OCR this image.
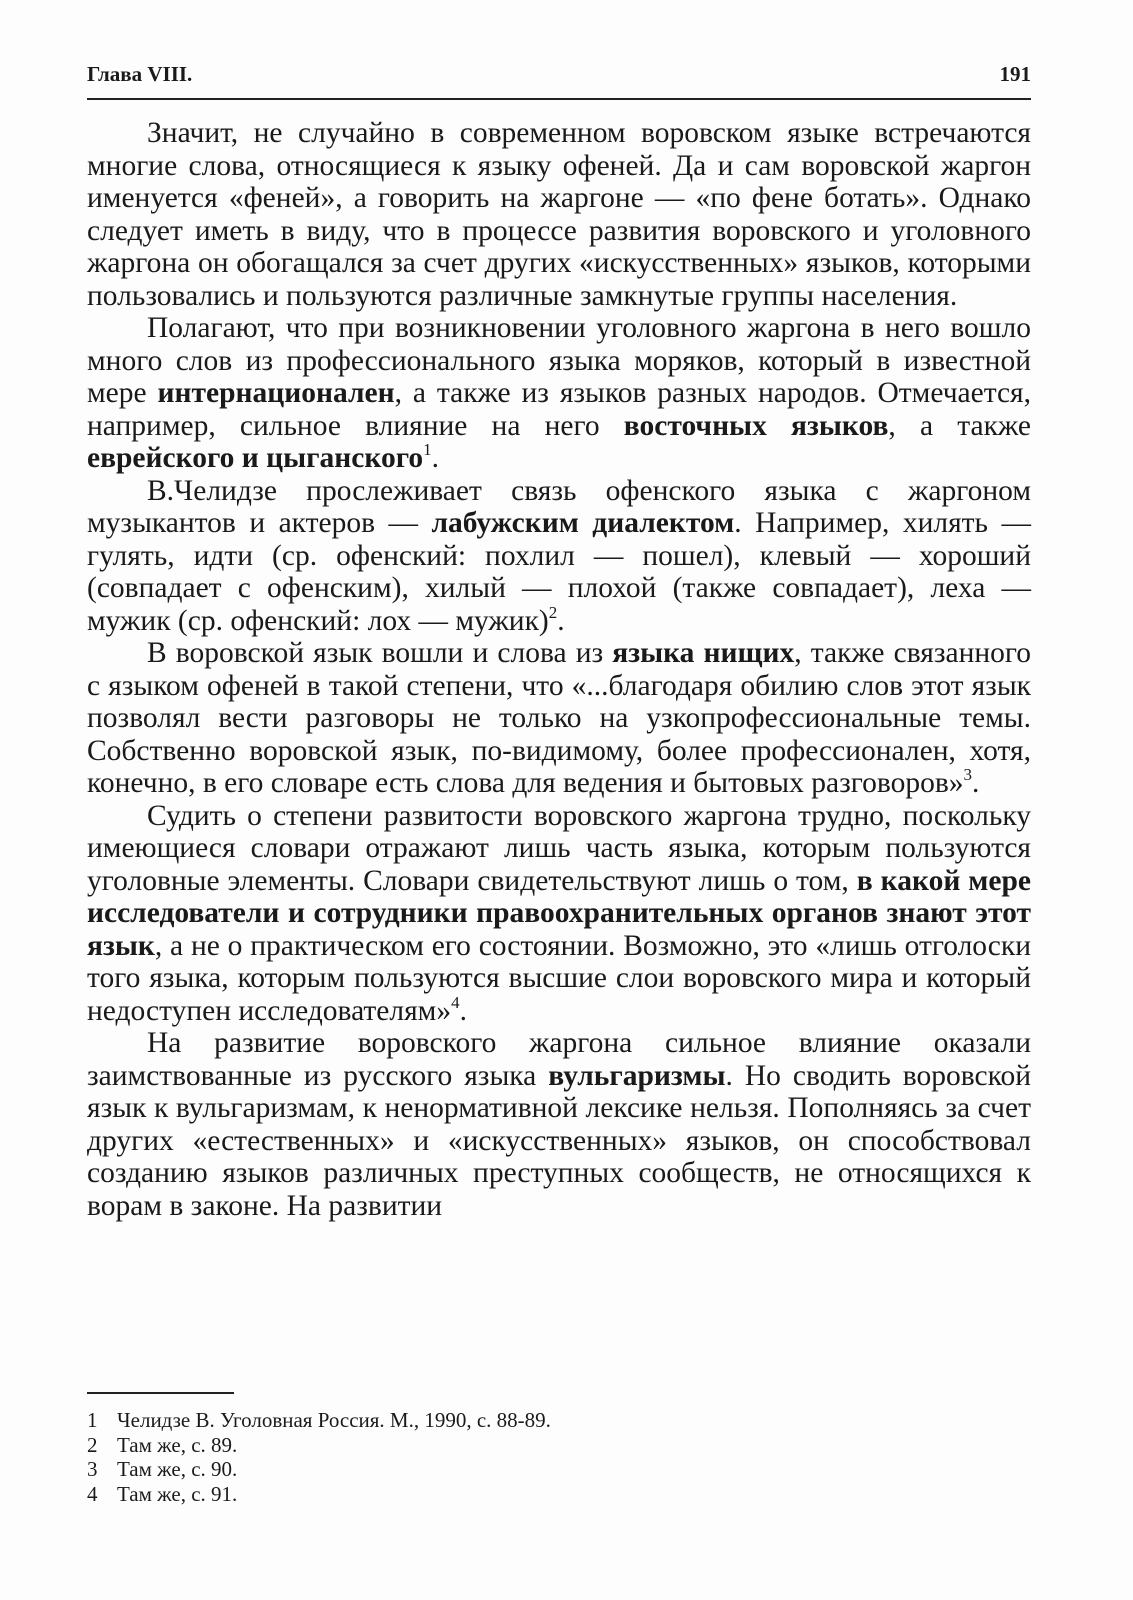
Глава VIII.	191

Значит, не случайно в современном воровском языке встречаются многие слова, относящиеся к языку офеней. Да и сам воровской жаргон именуется «феней», а говорить на жаргоне — «по фене ботать». Однако следует иметь в виду, что в процессе развития воровского и уголовного жаргона он обогащался за счет других «искусственных» языков, которыми пользовались и пользуются различные замкнутые группы населения.

Полагают, что при возникновении уголовного жаргона в него вошло много слов из профессионального языка моряков, который в известной мере интернационален, а также из языков разных народов. Отмечается, например, сильное влияние на него восточных языков, а также еврейского и цыганского$^1$.

В.Челидзе прослеживает связь офенского языка с жаргоном музыкантов и актеров — лабужским диалектом. Например, хилять — гулять, идти (ср. офенский: похлил — пошел), клевый — хороший (совпадает с офенским), хилый — плохой (также совпадает), леха — мужик (ср. офенский: лох — мужик)$^2$.

В воровской язык вошли и слова из языка нищих, также связанного с языком офеней в такой степени, что «...благодаря обилию слов этот язык позволял вести разговоры не только на узкопрофессиональные темы. Собственно воровской язык, по-видимому, более профессионален, хотя, конечно, в его словаре есть слова для ведения и бытовых разговоров»$^3$.

Судить о степени развитости воровского жаргона трудно, поскольку имеющиеся словари отражают лишь часть языка, которым пользуются уголовные элементы. Словари свидетельствуют лишь о том, в какой мере исследователи и сотрудники правоохранительных органов знают этот язык, а не о практическом его состоянии. Возможно, это «лишь отголоски того языка, которым пользуются высшие слои воровского мира и который недоступен исследователям»$^4$.

На развитие воровского жаргона сильное влияние оказали заимствованные из русского языка вульгаризмы. Но сводить воровской язык к вульгаризмам, к ненормативной лексике нельзя. Пополняясь за счет других «естественных» и «искусственных» языков, он способствовал созданию языков различных преступных сообществ, не относящихся к ворам в законе. На развитии

1 Челидзе В. Уголовная Россия. М., 1990, с. 88-89.
2 Там же, с. 89.
3 Там же, с. 90.
4 Там же, с. 91.
